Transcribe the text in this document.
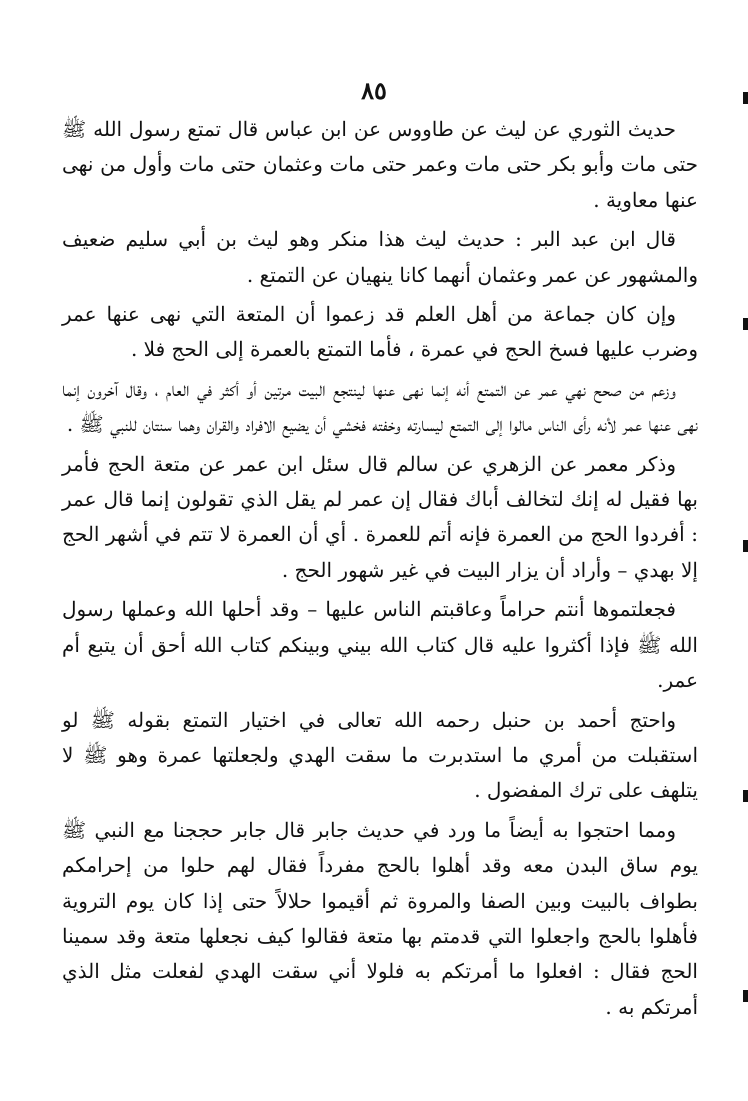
٨٥

حديث الثوري عن ليث عن طاووس عن ابن عباس قال تمتع رسول الله ﷺ حتى مات وأبو بكر حتى مات وعمر حتى مات وعثمان حتى مات وأول من نهى عنها معاوية .

قال ابن عبد البر : حديث ليث هذا منكر وهو ليث بن أبي سليم ضعيف والمشهور عن عمر وعثمان أنهما كانا ينهيان عن التمتع .

وإن كان جماعة من أهل العلم قد زعموا أن المتعة التي نهى عنها عمر وضرب عليها فسخ الحج في عمرة ، فأما التمتع بالعمرة إلى الحج فلا .

وزعم من صحح نهي عمر عن التمتع أنه إنما نهى عنها لينتجع البيت مرتين أو أكثر في العام ، وقال آخرون إنما نهى عنها عمر لأنه رأى الناس مالوا إلى التمتع ليسارته وخفته فخشي أن يضيع الافراد والقران وهما سنتان للنبي ﷺ .

وذكر معمر عن الزهري عن سالم قال سئل ابن عمر عن متعة الحج فأمر بها فقيل له إنك لتخالف أباك فقال إن عمر لم يقل الذي تقولون إنما قال عمر : أفردوا الحج من العمرة فإنه أتم للعمرة . أي أن العمرة لا تتم في أشهر الحج إلا بهدي – وأراد أن يزار البيت في غير شهور الحج .

فجعلتموها أنتم حراماً وعاقبتم الناس عليها – وقد أحلها الله وعملها رسول الله ﷺ فإذا أكثروا عليه قال كتاب الله بيني وبينكم كتاب الله أحق أن يتبع أم عمر.

واحتج أحمد بن حنبل رحمه الله تعالى في اختيار التمتع بقوله ﷺ لو استقبلت من أمري ما استدبرت ما سقت الهدي ولجعلتها عمرة وهو ﷺ لا يتلهف على ترك المفضول .

ومما احتجوا به أيضاً ما ورد في حديث جابر قال جابر حججنا مع النبي ﷺ يوم ساق البدن معه وقد أهلوا بالحج مفرداً فقال لهم حلوا من إحرامكم بطواف بالبيت وبين الصفا والمروة ثم أقيموا حلالاً حتى إذا كان يوم التروية فأهلوا بالحج واجعلوا التي قدمتم بها متعة فقالوا كيف نجعلها متعة وقد سمينا الحج فقال : افعلوا ما أمرتكم به فلولا أني سقت الهدي لفعلت مثل الذي أمرتكم به .
